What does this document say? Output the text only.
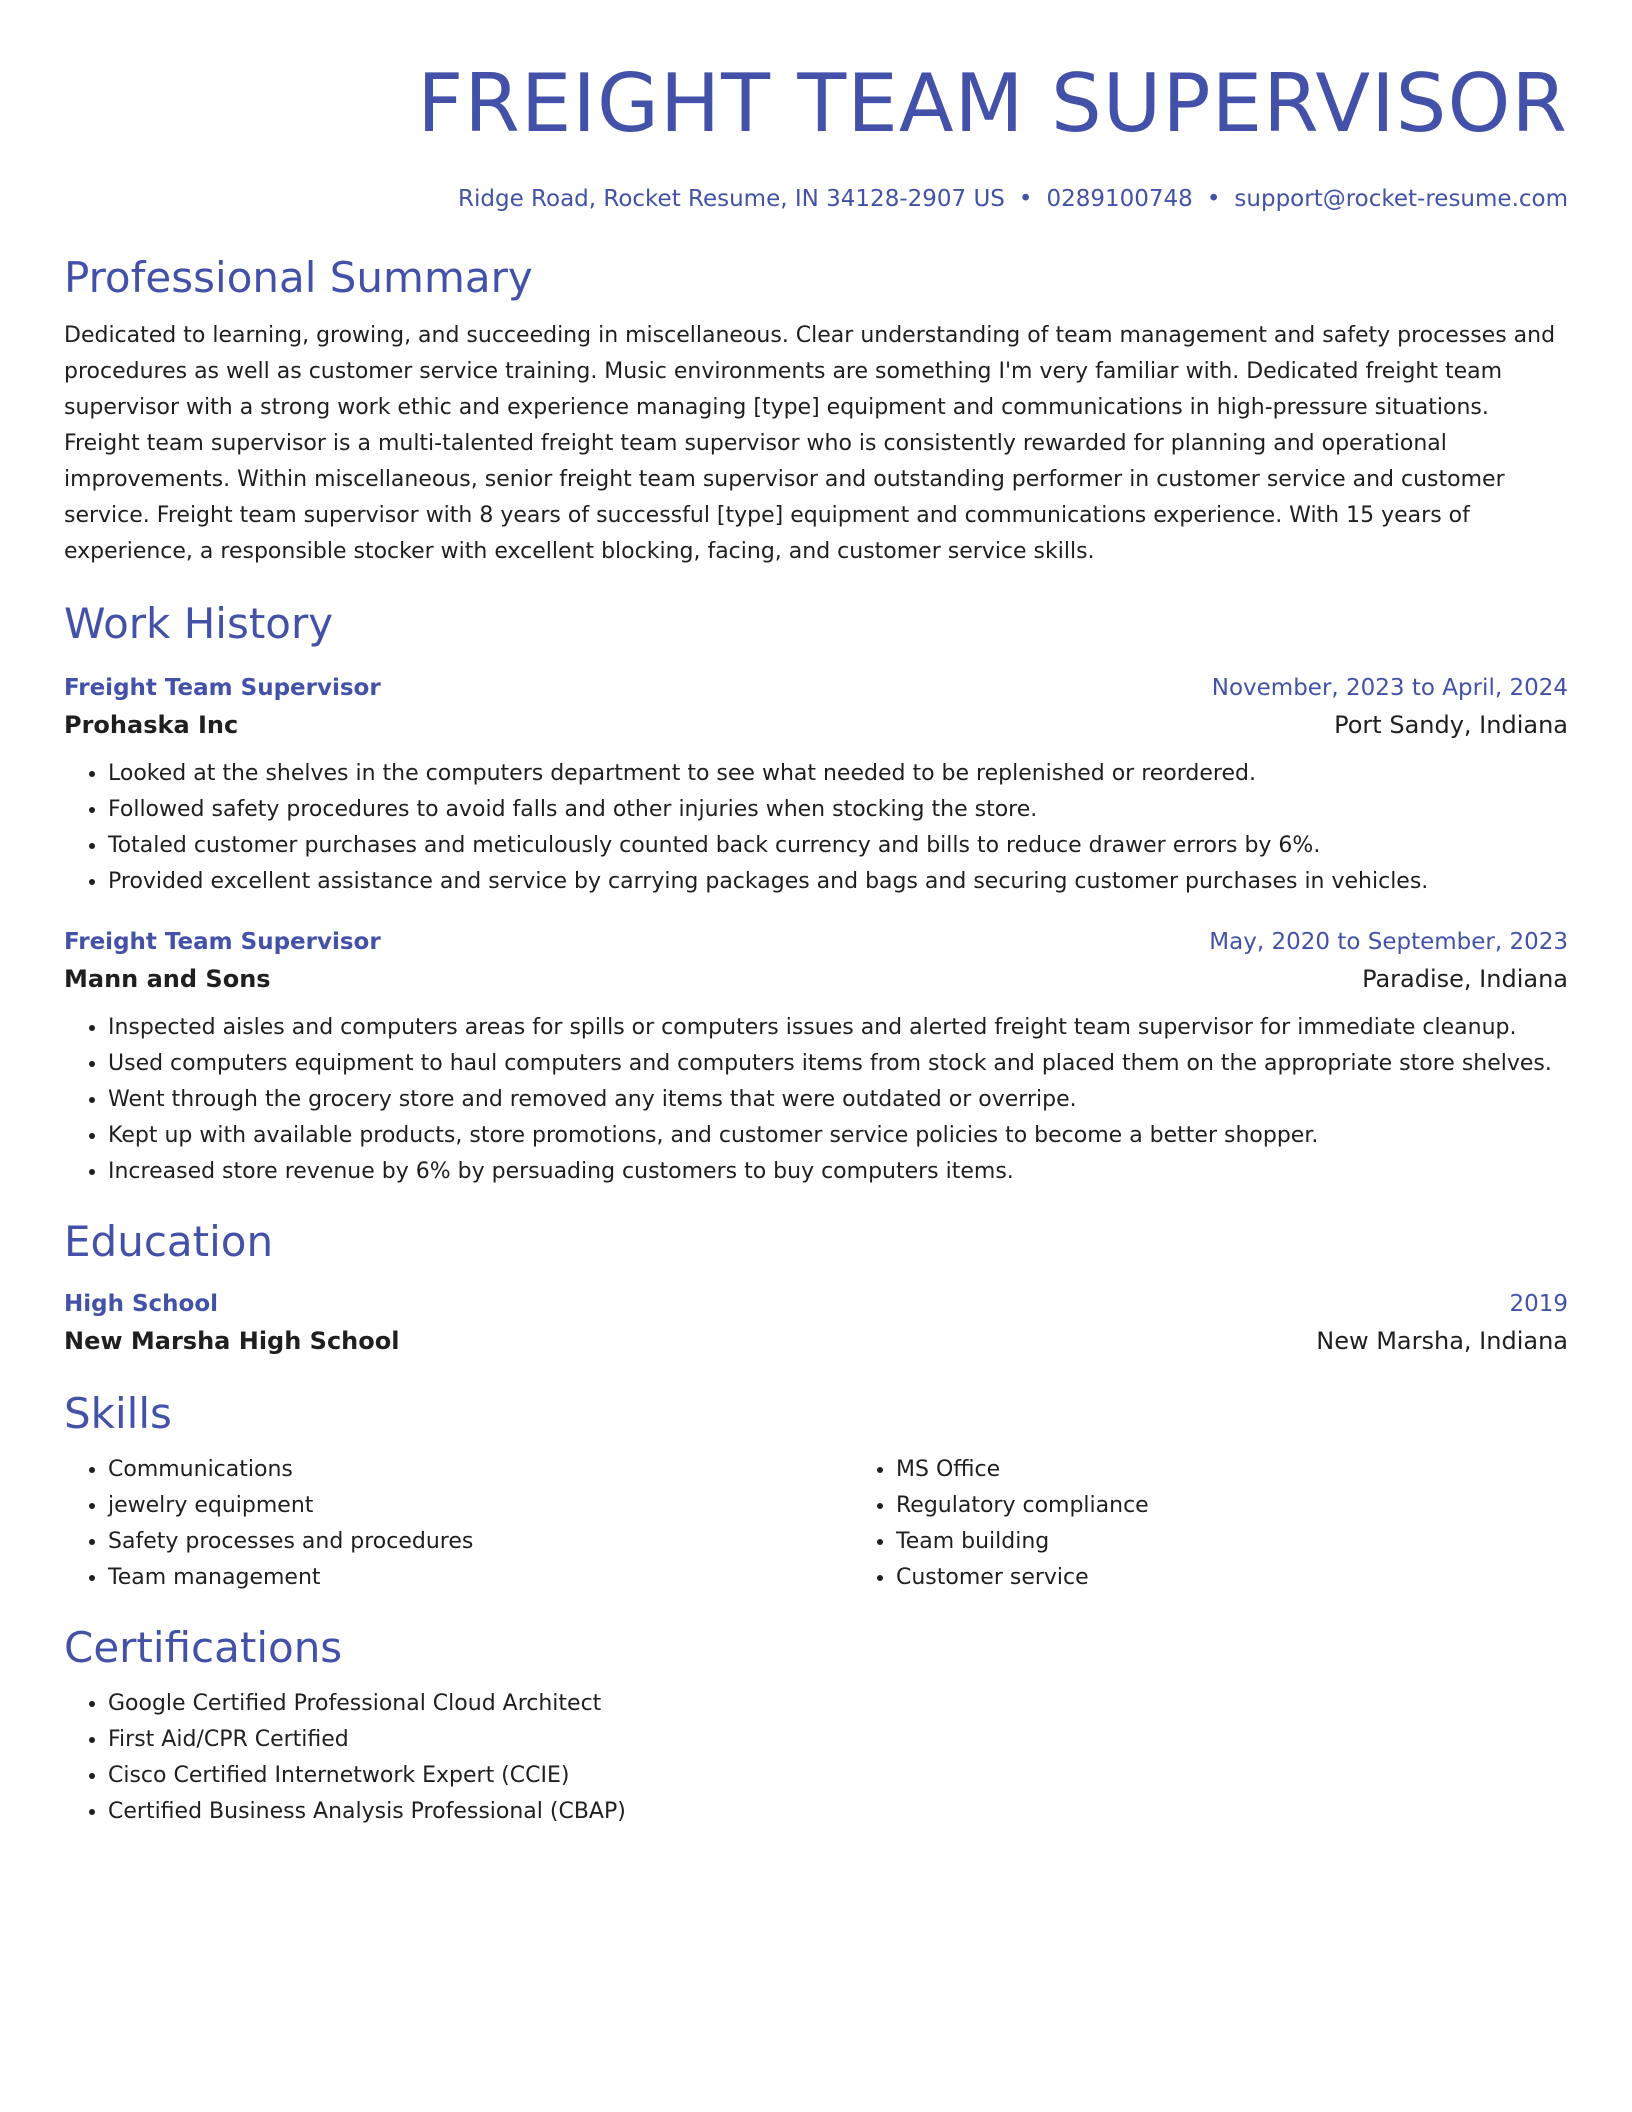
FREIGHT TEAM SUPERVISOR
Ridge Road, Rocket Resume, IN 34128-2907 US • 0289100748 • support@rocket-resume.com
Professional Summary
Dedicated to learning, growing, and succeeding in miscellaneous. Clear understanding of team management and safety processes and procedures as well as customer service training. Music environments are something I'm very familiar with. Dedicated freight team supervisor with a strong work ethic and experience managing [type] equipment and communications in high-pressure situations. Freight team supervisor is a multi-talented freight team supervisor who is consistently rewarded for planning and operational improvements. Within miscellaneous, senior freight team supervisor and outstanding performer in customer service and customer service. Freight team supervisor with 8 years of successful [type] equipment and communications experience. With 15 years of experience, a responsible stocker with excellent blocking, facing, and customer service skills.
Work History
Freight Team Supervisor	November, 2023 to April, 2024
Prohaska Inc	Port Sandy, Indiana
• Looked at the shelves in the computers department to see what needed to be replenished or reordered.
• Followed safety procedures to avoid falls and other injuries when stocking the store.
• Totaled customer purchases and meticulously counted back currency and bills to reduce drawer errors by 6%.
• Provided excellent assistance and service by carrying packages and bags and securing customer purchases in vehicles.
Freight Team Supervisor	May, 2020 to September, 2023
Mann and Sons	Paradise, Indiana
• Inspected aisles and computers areas for spills or computers issues and alerted freight team supervisor for immediate cleanup.
• Used computers equipment to haul computers and computers items from stock and placed them on the appropriate store shelves.
• Went through the grocery store and removed any items that were outdated or overripe.
• Kept up with available products, store promotions, and customer service policies to become a better shopper.
• Increased store revenue by 6% by persuading customers to buy computers items.
Education
High School	2019
New Marsha High School	New Marsha, Indiana
Skills
• Communications
• jewelry equipment
• Safety processes and procedures
• Team management
• MS Office
• Regulatory compliance
• Team building
• Customer service
Certifications
• Google Certified Professional Cloud Architect
• First Aid/CPR Certified
• Cisco Certified Internetwork Expert (CCIE)
• Certified Business Analysis Professional (CBAP)
